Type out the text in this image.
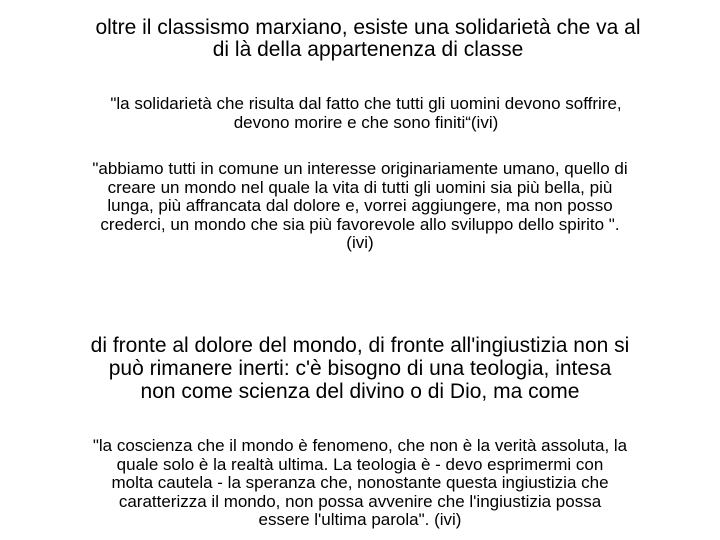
oltre il classismo marxiano, esiste una solidarietà che va al
di là della appartenenza di classe

"la solidarietà che risulta dal fatto che tutti gli uomini devono soffrire,
devono morire e che sono finiti“(ivi)

"abbiamo tutti in comune un interesse originariamente umano, quello di
creare un mondo nel quale la vita di tutti gli uomini sia più bella, più
lunga, più affrancata dal dolore e, vorrei aggiungere, ma non posso
crederci, un mondo che sia più favorevole allo sviluppo dello spirito ".
(ivi)

di fronte al dolore del mondo, di fronte all'ingiustizia non si
può rimanere inerti: c'è bisogno di una teologia, intesa
non come scienza del divino o di Dio, ma come

"la coscienza che il mondo è fenomeno, che non è la verità assoluta, la
quale solo è la realtà ultima. La teologia è - devo esprimermi con
molta cautela - la speranza che, nonostante questa ingiustizia che
caratterizza il mondo, non possa avvenire che l'ingiustizia possa
essere l'ultima parola". (ivi)
